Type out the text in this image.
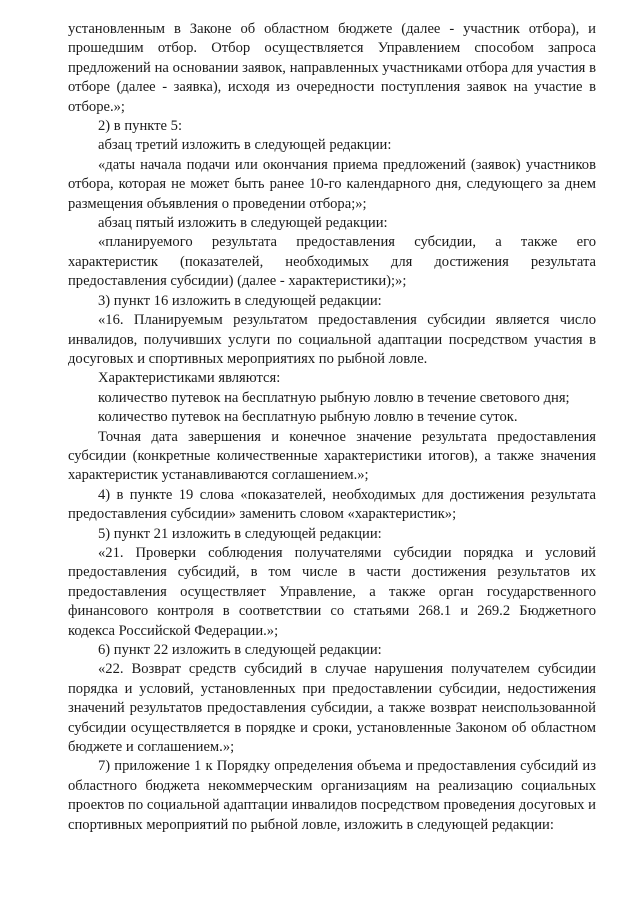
установленным в Законе об областном бюджете (далее - участник отбора), и прошедшим отбор. Отбор осуществляется Управлением способом запроса предложений на основании заявок, направленных участниками отбора для участия в отборе (далее - заявка), исходя из очередности поступления заявок на участие в отборе.»;

2) в пункте 5:

абзац третий изложить в следующей редакции:

«даты начала подачи или окончания приема предложений (заявок) участников отбора, которая не может быть ранее 10-го календарного дня, следующего за днем размещения объявления о проведении отбора;»;

абзац пятый изложить в следующей редакции:

«планируемого результата предоставления субсидии, а также его характеристик (показателей, необходимых для достижения результата предоставления субсидии) (далее - характеристики);»;

3) пункт 16 изложить в следующей редакции:

«16. Планируемым результатом предоставления субсидии является число инвалидов, получивших услуги по социальной адаптации посредством участия в досуговых и спортивных мероприятиях по рыбной ловле.

Характеристиками являются:

количество путевок на бесплатную рыбную ловлю в течение светового дня;

количество путевок на бесплатную рыбную ловлю в течение суток.

Точная дата завершения и конечное значение результата предоставления субсидии (конкретные количественные характеристики итогов), а также значения характеристик устанавливаются соглашением.»;

4) в пункте 19 слова «показателей, необходимых для достижения результата предоставления субсидии» заменить словом «характеристик»;

5) пункт 21 изложить в следующей редакции:

«21. Проверки соблюдения получателями субсидии порядка и условий предоставления субсидий, в том числе в части достижения результатов их предоставления осуществляет Управление, а также орган государственного финансового контроля в соответствии со статьями 268.1 и 269.2 Бюджетного кодекса Российской Федерации.»;

6) пункт 22 изложить в следующей редакции:

«22. Возврат средств субсидий в случае нарушения получателем субсидии порядка и условий, установленных при предоставлении субсидии, недостижения значений результатов предоставления субсидии, а также возврат неиспользованной субсидии осуществляется в порядке и сроки, установленные Законом об областном бюджете и соглашением.»;

7) приложение 1 к Порядку определения объема и предоставления субсидий из областного бюджета некоммерческим организациям на реализацию социальных проектов по социальной адаптации инвалидов посредством проведения досуговых и спортивных мероприятий по рыбной ловле, изложить в следующей редакции:
